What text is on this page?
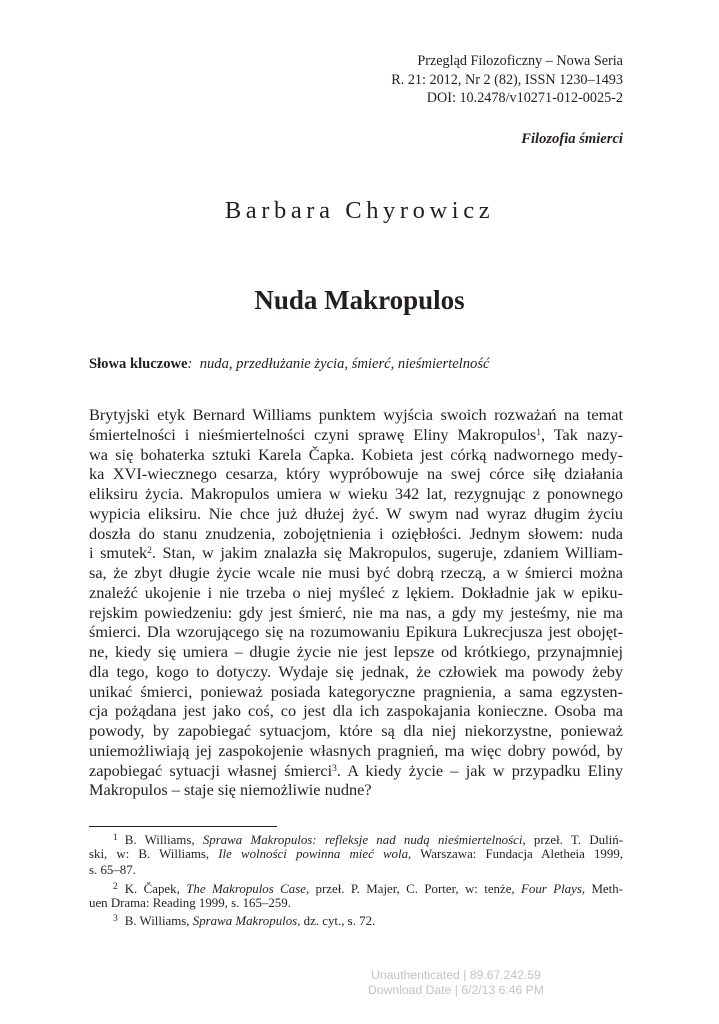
Przegląd Filozoficzny – Nowa Seria
R. 21: 2012, Nr 2 (82), ISSN 1230–1493
DOI: 10.2478/v10271-012-0025-2
Filozofia śmierci
Barbara Chyrowicz
Nuda Makropulos
Słowa kluczowe: nuda, przedłużanie życia, śmierć, nieśmiertelność
Brytyjski etyk Bernard Williams punktem wyjścia swoich rozważań na temat
śmiertelności i nieśmiertelności czyni sprawę Eliny Makropulos$^1$, Tak nazy-
wa się bohaterka sztuki Karela Čapka. Kobieta jest córką nadwornego medy-
ka XVI-wiecznego cesarza, który wypróbowuje na swej córce siłę działania
eliksiru życia. Makropulos umiera w wieku 342 lat, rezygnując z ponownego
wypicia eliksiru. Nie chce już dłużej żyć. W swym nad wyraz długim życiu
doszła do stanu znudzenia, zobojętnienia i oziębłości. Jednym słowem: nuda
i smutek$^2$. Stan, w jakim znalazła się Makropulos, sugeruje, zdaniem William-
sa, że zbyt długie życie wcale nie musi być dobrą rzeczą, a w śmierci można
znaleźć ukojenie i nie trzeba o niej myśleć z lękiem. Dokładnie jak w epiku-
rejskim powiedzeniu: gdy jest śmierć, nie ma nas, a gdy my jesteśmy, nie ma
śmierci. Dla wzorującego się na rozumowaniu Epikura Lukrecjusza jest obojęt-
ne, kiedy się umiera – długie życie nie jest lepsze od krótkiego, przynajmniej
dla tego, kogo to dotyczy. Wydaje się jednak, że człowiek ma powody żeby
unikać śmierci, ponieważ posiada kategoryczne pragnienia, a sama egzysten-
cja pożądana jest jako coś, co jest dla ich zaspokajania konieczne. Osoba ma
powody, by zapobiegać sytuacjom, które są dla niej niekorzystne, ponieważ
uniemożliwiają jej zaspokojenie własnych pragnień, ma więc dobry powód, by
zapobiegać sytuacji własnej śmierci$^3$. A kiedy życie – jak w przypadku Eliny
Makropulos – staje się niemożliwie nudne?
$^1$ B. Williams, Sprawa Makropulos: refleksje nad nudą nieśmiertelności, przeł. T. Duliń-
ski, w: B. Williams, Ile wolności powinna mieć wola, Warszawa: Fundacja Aletheia 1999,
s. 65–87.
$^2$ K. Čapek, The Makropulos Case, przeł. P. Majer, C. Porter, w: tenże, Four Plays, Meth-
uen Drama: Reading 1999, s. 165–259.
$^3$ B. Williams, Sprawa Makropulos, dz. cyt., s. 72.
Unauthenticated | 89.67.242.59
Download Date | 6/2/13 6:46 PM
